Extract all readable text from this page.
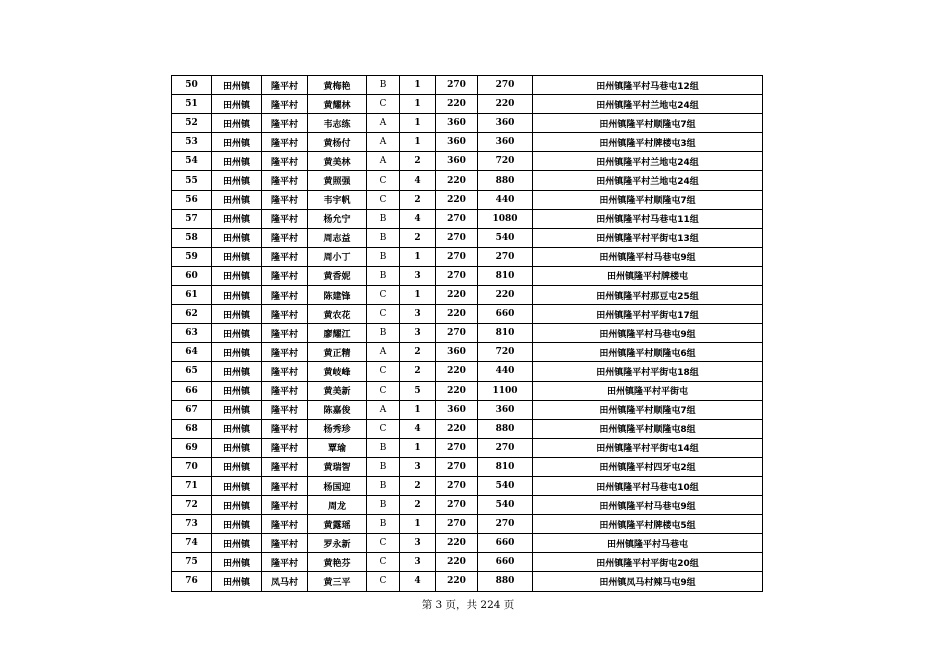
50	田州镇	隆平村	黄梅艳	B	1	270	270	田州镇隆平村马巷屯12组
51	田州镇	隆平村	黄耀林	C	1	220	220	田州镇隆平村兰地屯24组
52	田州镇	隆平村	韦志练	A	1	360	360	田州镇隆平村顺隆屯7组
53	田州镇	隆平村	黄杨付	A	1	360	360	田州镇隆平村牌楼屯3组
54	田州镇	隆平村	黄美林	A	2	360	720	田州镇隆平村兰地屯24组
55	田州镇	隆平村	黄照强	C	4	220	880	田州镇隆平村兰地屯24组
56	田州镇	隆平村	韦宇帆	C	2	220	440	田州镇隆平村顺隆屯7组
57	田州镇	隆平村	杨允宁	B	4	270	1080	田州镇隆平村马巷屯11组
58	田州镇	隆平村	周志益	B	2	270	540	田州镇隆平村平街屯13组
59	田州镇	隆平村	周小丁	B	1	270	270	田州镇隆平村马巷屯9组
60	田州镇	隆平村	黄香妮	B	3	270	810	田州镇隆平村牌楼屯
61	田州镇	隆平村	陈建锋	C	1	220	220	田州镇隆平村那豆屯25组
62	田州镇	隆平村	黄农花	C	3	220	660	田州镇隆平村平街屯17组
63	田州镇	隆平村	廖耀江	B	3	270	810	田州镇隆平村马巷屯9组
64	田州镇	隆平村	黄正精	A	2	360	720	田州镇隆平村顺隆屯6组
65	田州镇	隆平村	黄岐峰	C	2	220	440	田州镇隆平村平街屯18组
66	田州镇	隆平村	黄美新	C	5	220	1100	田州镇隆平村平街屯
67	田州镇	隆平村	陈嘉俊	A	1	360	360	田州镇隆平村顺隆屯7组
68	田州镇	隆平村	杨秀珍	C	4	220	880	田州镇隆平村顺隆屯8组
69	田州镇	隆平村	覃瑜	B	1	270	270	田州镇隆平村平街屯14组
70	田州镇	隆平村	黄瑞智	B	3	270	810	田州镇隆平村四牙屯2组
71	田州镇	隆平村	杨国迎	B	2	270	540	田州镇隆平村马巷屯10组
72	田州镇	隆平村	周龙	B	2	270	540	田州镇隆平村马巷屯9组
73	田州镇	隆平村	黄露瑶	B	1	270	270	田州镇隆平村牌楼屯5组
74	田州镇	隆平村	罗永新	C	3	220	660	田州镇隆平村马巷屯
75	田州镇	隆平村	黄艳芬	C	3	220	660	田州镇隆平村平街屯20组
76	田州镇	凤马村	黄三平	C	4	220	880	田州镇凤马村辣马屯9组
第 3 页，共 224 页
